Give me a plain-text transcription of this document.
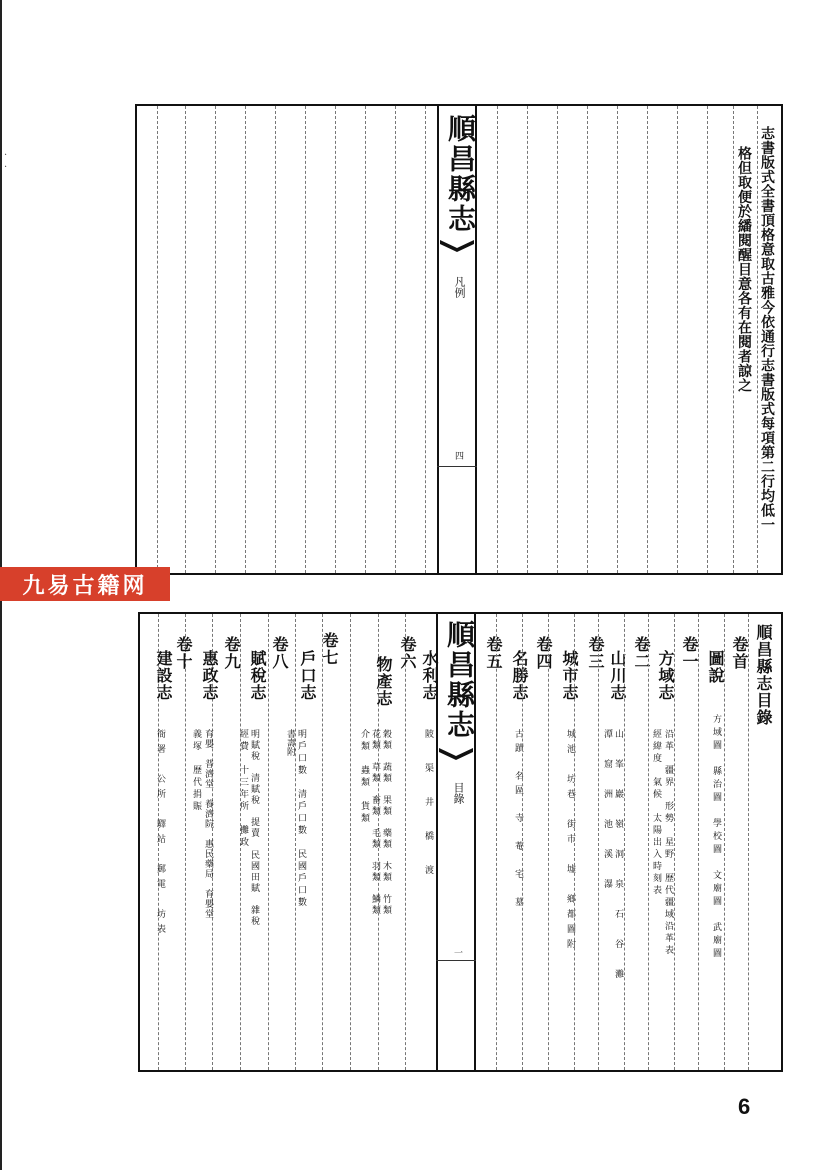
·
·	順昌縣志
凡例
四	志書版式全書頂格意取古雅今依通行志書版式每項第二行均低一
格但取便於繙閱醒目意各有在閱者諒之
九易古籍网
卷七
戶口志
明戶口數　清戶口數　民國戶口數
書壽附
卷八
賦稅志
明賦稅　清賦稅　提賣　民國田賦　雜稅
經費　十三年所　攤政
卷九
惠政志
育嬰　普濟堂　養濟院　惠民藥局　育嬰堂
義塚　歷代捐賑
卷十
建設志
衙署　公所　驛站　郵電　坊表
卷六
物產志
穀類　蔬類　果類　藥類　木類　竹類
花類　草類　畜類　毛類　羽類　鱗類
介類　蟲類　貨類
水利志
陂　渠　井　橋　渡
順昌縣志
目錄
一
卷五 卷四
名勝志
古蹟　名區　寺　菴　宅　墓
卷三
城市志
城池　坊巷　街市　墟　鄉都圖附
卷二
山川志
山　峯　巖　嶺　洞　泉　石　谷　灘
潭　窟　洲　池　溪　瀑
卷一
方域志
沿革　疆界　形勢　星野　歷代疆域沿革表
經緯度　氣候　太陽出入時刻表
圖說
方域圖　縣治圖　學校圖　文廟圖　武廟圖
卷首 順昌縣志目錄
6
